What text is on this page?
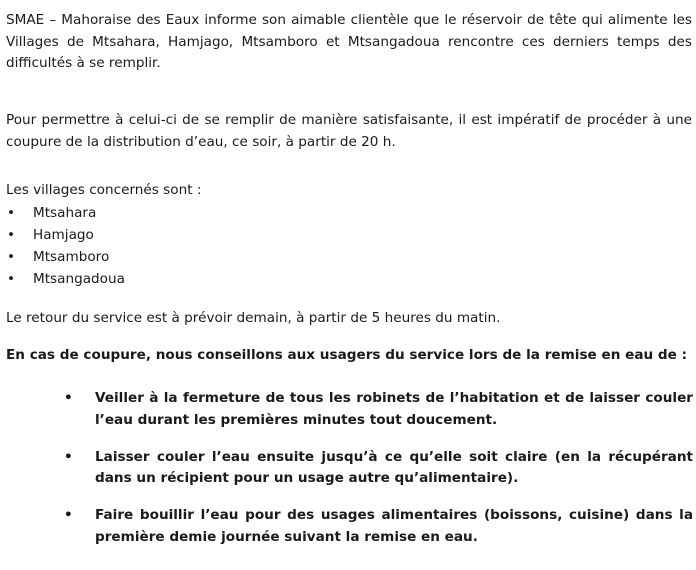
SMAE – Mahoraise des Eaux informe son aimable clientèle que le réservoir de tête qui alimente les Villages de Mtsahara, Hamjago, Mtsamboro et Mtsangadoua rencontre ces derniers temps des difficultés à se remplir.

Pour permettre à celui-ci de se remplir de manière satisfaisante, il est impératif de procéder à une coupure de la distribution d’eau, ce soir, à partir de 20 h.

Les villages concernés sont :

• Mtsahara
• Hamjago
• Mtsamboro
• Mtsangadoua

Le retour du service est à prévoir demain, à partir de 5 heures du matin.

En cas de coupure, nous conseillons aux usagers du service lors de la remise en eau de :

• Veiller à la fermeture de tous les robinets de l’habitation et de laisser couler l’eau durant les premières minutes tout doucement.
• Laisser couler l’eau ensuite jusqu’à ce qu’elle soit claire (en la récupérant dans un récipient pour un usage autre qu’alimentaire).
• Faire bouillir l’eau pour des usages alimentaires (boissons, cuisine) dans la première demie journée suivant la remise en eau.
